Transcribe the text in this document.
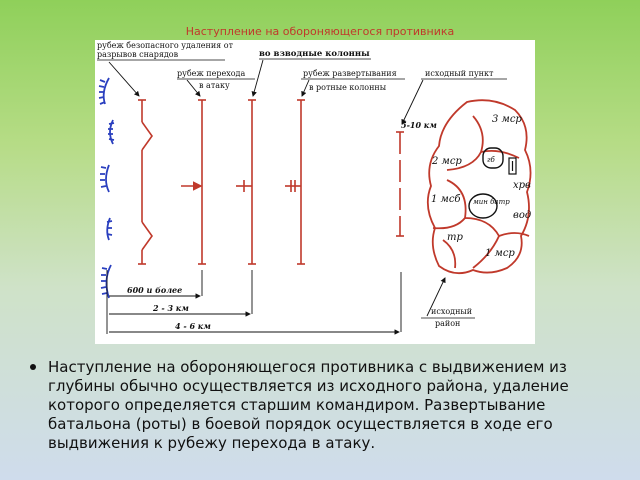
Наступление на обороняющегося противника
3 мср
2 мср	гб
хрв
1 мсб мин батр
вод
тр
1 мср
рубеж безопасного удаления от
разрывов снарядов	во взводные колонны
рубеж перехода
в атаку
рубеж развертывания
в ротные колонны
исходный пункт
5-10 км
исходный
район
600 и более
2 - 3 км
4 - 6 км
Наступление на обороняющегося противника с выдвижением из глубины обычно осуществляется из исходного района, удаление которого определяется старшим командиром. Развертывание батальона (роты) в боевой порядок осуществляется в ходе его выдвижения к рубежу перехода в атаку.
